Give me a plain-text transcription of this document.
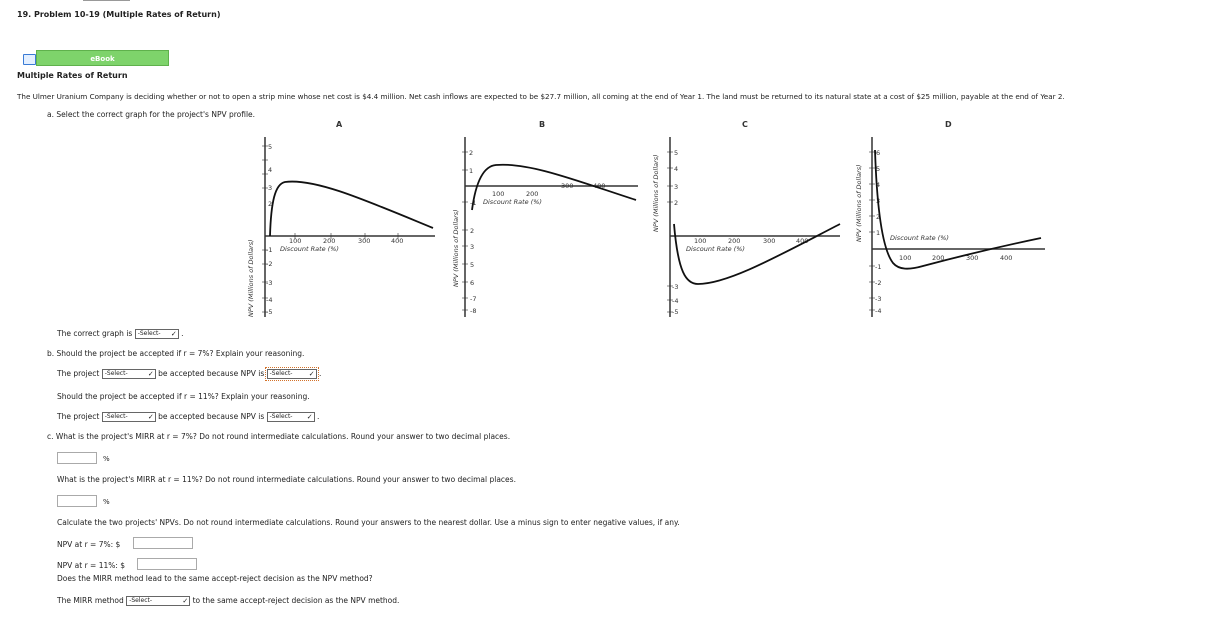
19. Problem 10-19 (Multiple Rates of Return)
eBook
Multiple Rates of Return
The Ulmer Uranium Company is deciding whether or not to open a strip mine whose net cost is $4.4 million. Net cash inflows are expected to be $27.7 million, all coming at the end of Year 1. The land must be returned to its natural state at a cost of $25 million, payable at the end of Year 2.
a. Select the correct graph for the project's NPV profile.
A	B	C	D
NPV (Millions of Dollars)
5
4
3
2
-1
-2
-3
-4
-5
100	200	300	400
Discount Rate (%)	NPV (Millions of Dollars)
2
1
-1
2
3
5
6
-7
-8
100	200
300	400
Discount Rate (%)	NPV (Millions of Dollars)
5
4
3
2
-3
-4
-5
100	200	300	400
Discount Rate (%)
NPV (Millions of Dollars)
6
5
4
3
2
1
-1
-2
-3
-4
100	200	300	400
Discount Rate (%)
The correct graph is -Select- ✓ .
b. Should the project be accepted if r = 7%? Explain your reasoning.
The project -Select-	✓ be accepted because NPV is -Select- ✓ .
Should the project be accepted if r = 11%? Explain your reasoning.
The project -Select-	✓ be accepted because NPV is -Select- ✓ .
c. What is the project's MIRR at r = 7%? Do not round intermediate calculations. Round your answer to two decimal places.
%
What is the project's MIRR at r = 11%? Do not round intermediate calculations. Round your answer to two decimal places.
%
Calculate the two projects' NPVs. Do not round intermediate calculations. Round your answers to the nearest dollar. Use a minus sign to enter negative values, if any.
NPV at r = 7%: $
NPV at r = 11%: $
Does the MIRR method lead to the same accept-reject decision as the NPV method?
The MIRR method -Select-	✓ to the same accept-reject decision as the NPV method.
